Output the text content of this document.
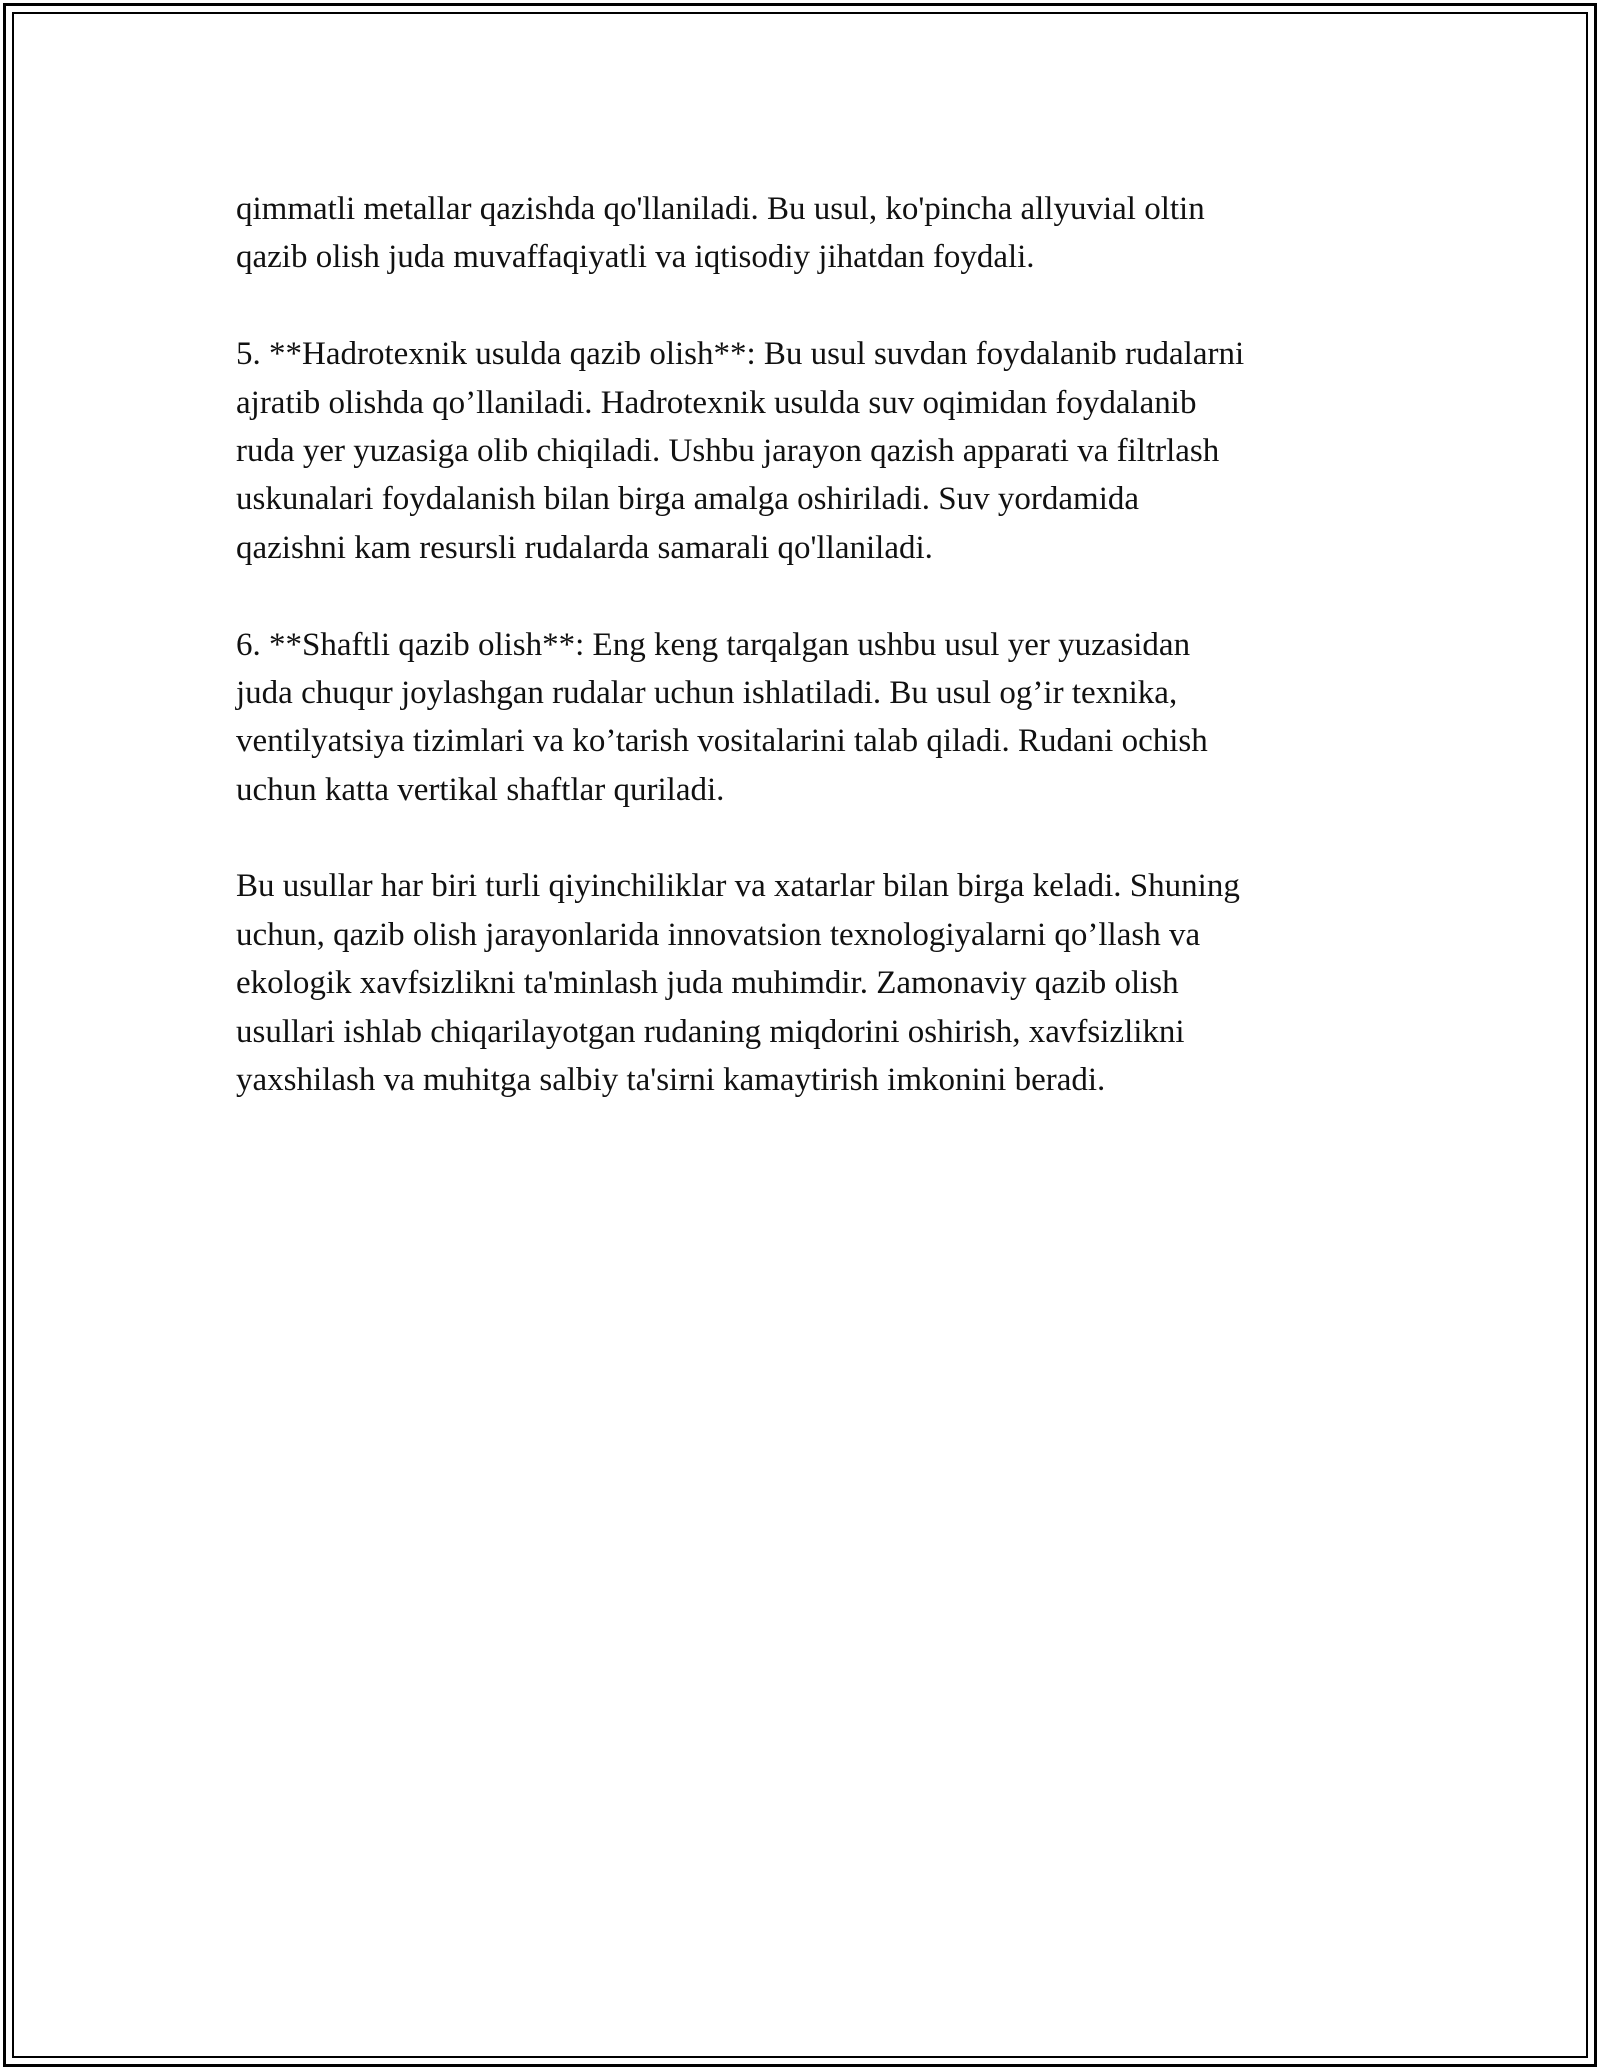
qimmatli metallar qazishda qo'llaniladi. Bu usul, ko'pincha allyuvial oltin
qazib olish juda muvaffaqiyatli va iqtisodiy jihatdan foydali.

5. **Hadrotexnik usulda qazib olish**: Bu usul suvdan foydalanib rudalarni
ajratib olishda qo’llaniladi. Hadrotexnik usulda suv oqimidan foydalanib
ruda yer yuzasiga olib chiqiladi. Ushbu jarayon qazish apparati va filtrlash
uskunalari foydalanish bilan birga amalga oshiriladi. Suv yordamida
qazishni kam resursli rudalarda samarali qo'llaniladi.

6. **Shaftli qazib olish**: Eng keng tarqalgan ushbu usul yer yuzasidan
juda chuqur joylashgan rudalar uchun ishlatiladi. Bu usul og’ir texnika,
ventilyatsiya tizimlari va ko’tarish vositalarini talab qiladi. Rudani ochish
uchun katta vertikal shaftlar quriladi.

Bu usullar har biri turli qiyinchiliklar va xatarlar bilan birga keladi. Shuning
uchun, qazib olish jarayonlarida innovatsion texnologiyalarni qo’llash va
ekologik xavfsizlikni ta'minlash juda muhimdir. Zamonaviy qazib olish
usullari ishlab chiqarilayotgan rudaning miqdorini oshirish, xavfsizlikni
yaxshilash va muhitga salbiy ta'sirni kamaytirish imkonini beradi.
